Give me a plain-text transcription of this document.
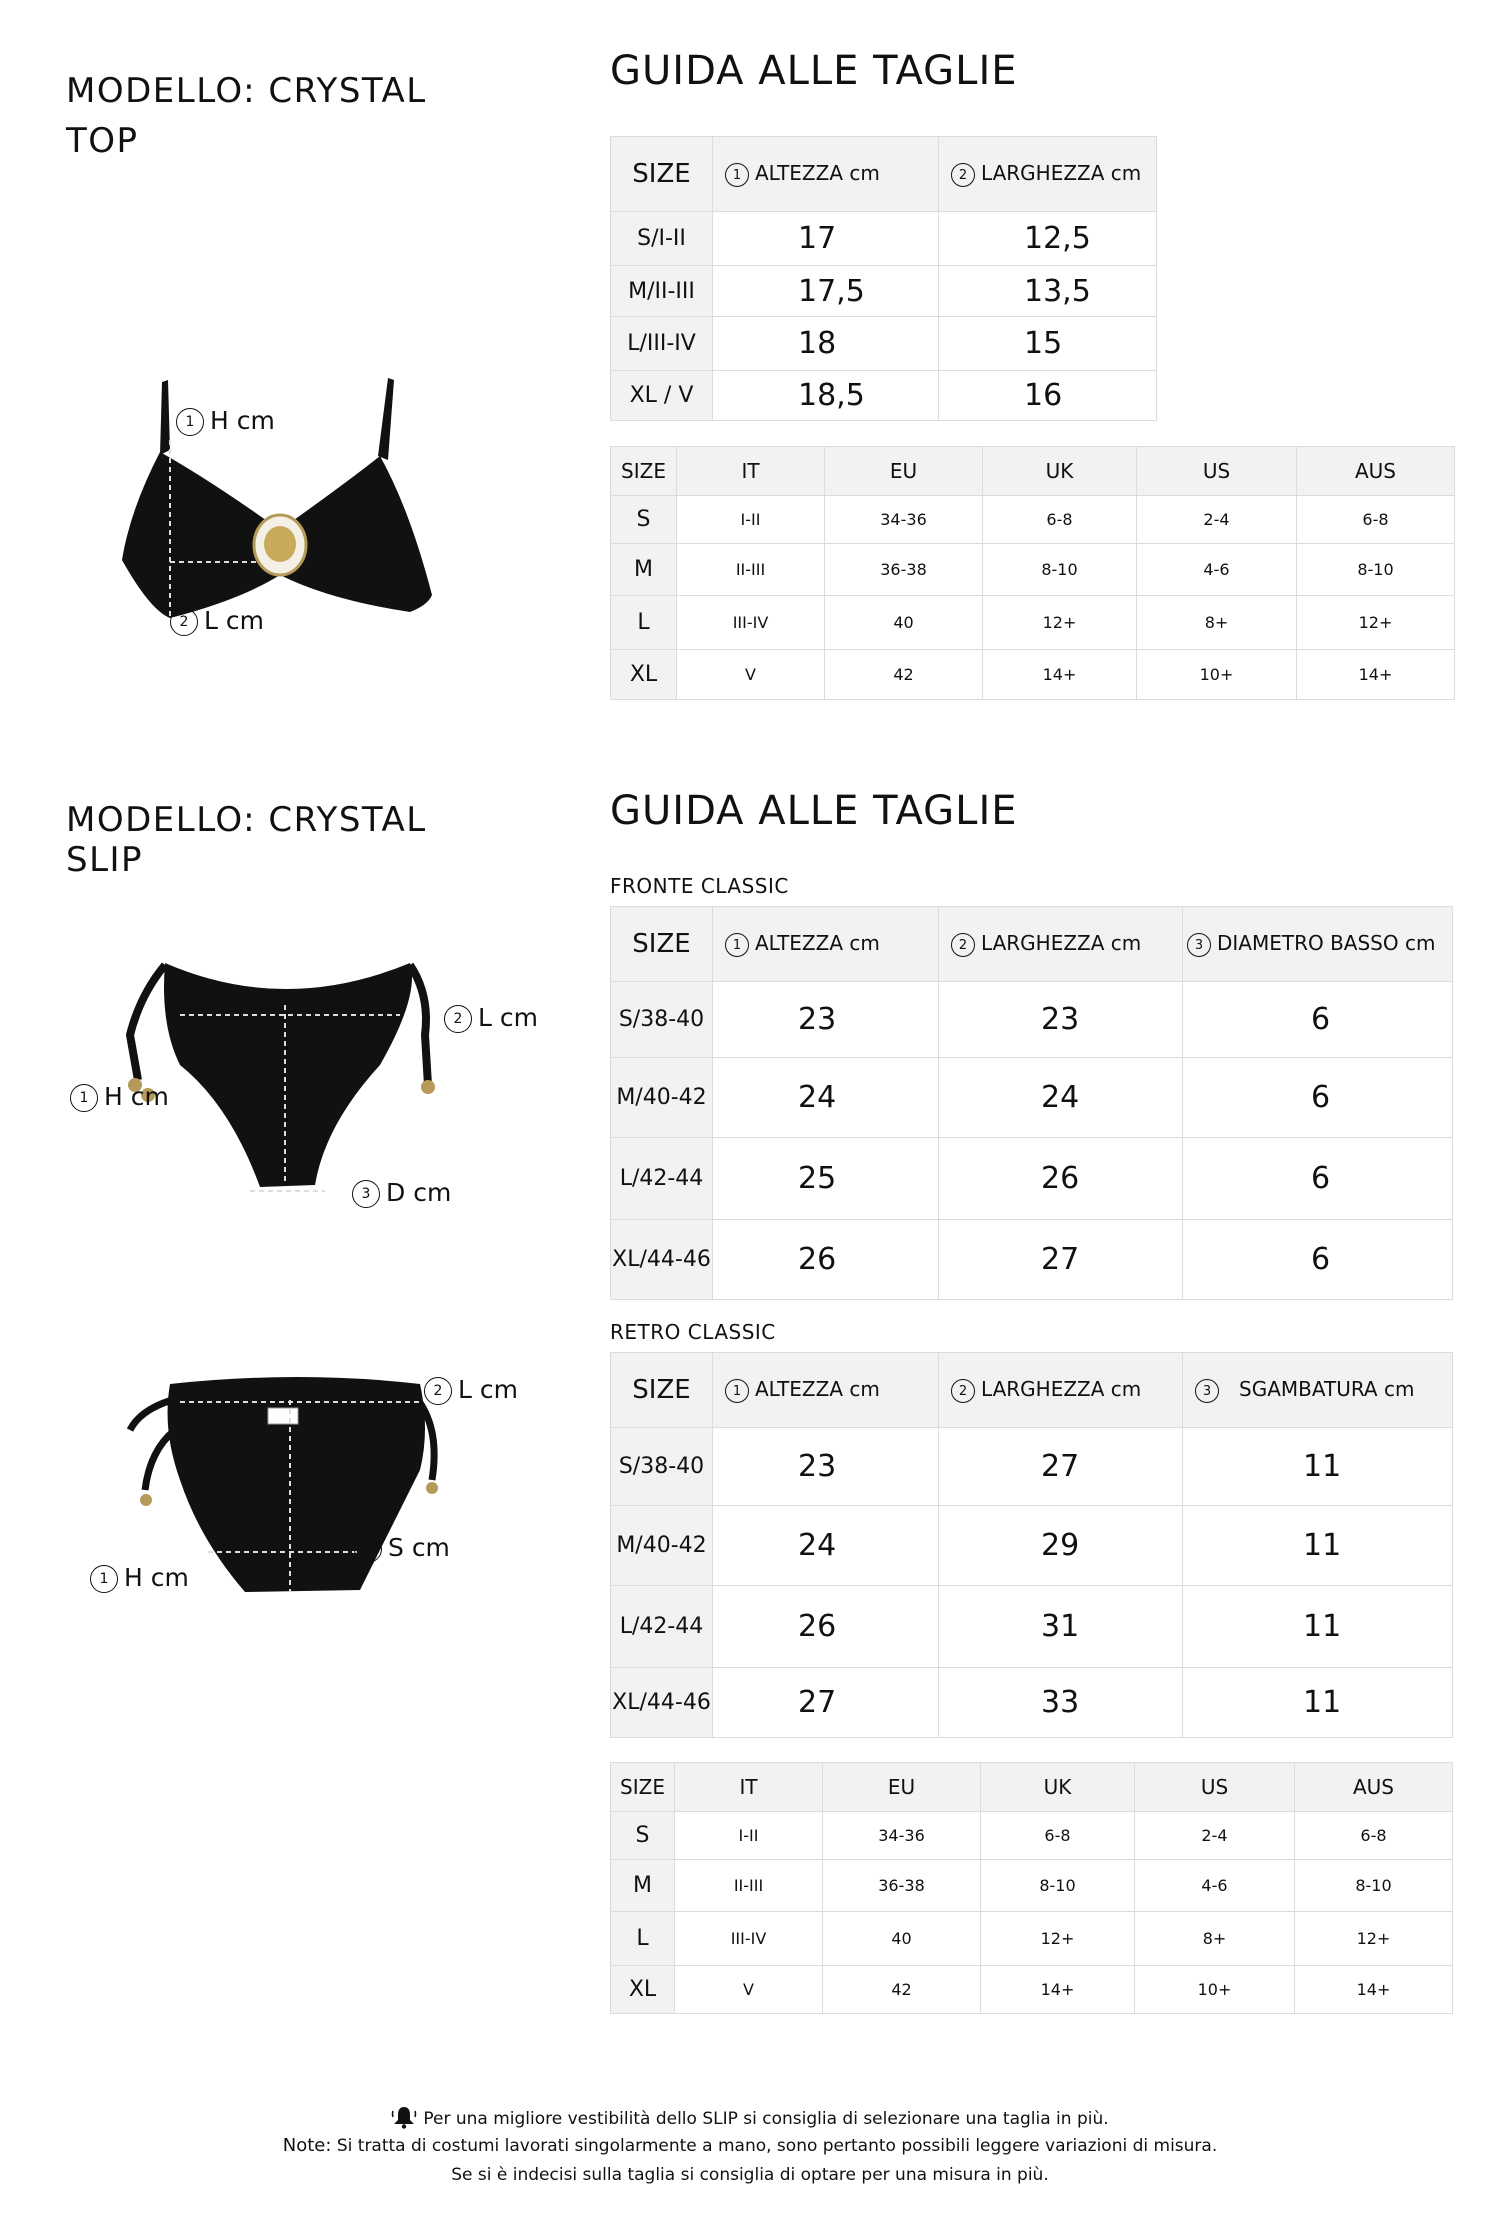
MODELLO: CRYSTAL
TOP
GUIDA ALLE TAGLIE
1 H cm
2 L cm
SIZE	1 ALTEZZA cm	2 LARGHEZZA cm
S/I-II	17	12,5
M/II-III	17,5	13,5
L/III-IV	18	15
XL / V	18,5	16
SIZE	IT	EU	UK	US	AUS
S	I-II	34-36	6-8	2-4	6-8
M	II-III	36-38	8-10	4-6	8-10
L	III-IV	40	12+	8+	12+
XL	V	42	14+	10+	14+
MODELLO: CRYSTAL
SLIP
GUIDA ALLE TAGLIE
2 L cm
1 H cm
3 D cm
2 L cm
3 S cm
1 H cm
FRONTE CLASSIC
SIZE	1 ALTEZZA cm	2 LARGHEZZA cm	3 DIAMETRO BASSO cm
S/38-40	23	23	6
M/40-42	24	24	6
L/42-44	25	26	6
XL/44-46	26	27	6
RETRO CLASSIC
SIZE	1 ALTEZZA cm	2 LARGHEZZA cm	3 SGAMBATURA cm
S/38-40	23	27	11
M/40-42	24	29	11
L/42-44	26	31	11
XL/44-46	27	33	11
SIZE	IT	EU	UK	US	AUS
S	I-II	34-36	6-8	2-4	6-8
M	II-III	36-38	8-10	4-6	8-10
L	III-IV	40	12+	8+	12+
XL	V	42	14+	10+	14+
Per una migliore vestibilità dello SLIP si consiglia di selezionare una taglia in più.
Note: Si tratta di costumi lavorati singolarmente a mano, sono pertanto possibili leggere variazioni di misura.
Se si è indecisi sulla taglia si consiglia di optare per una misura in più.
